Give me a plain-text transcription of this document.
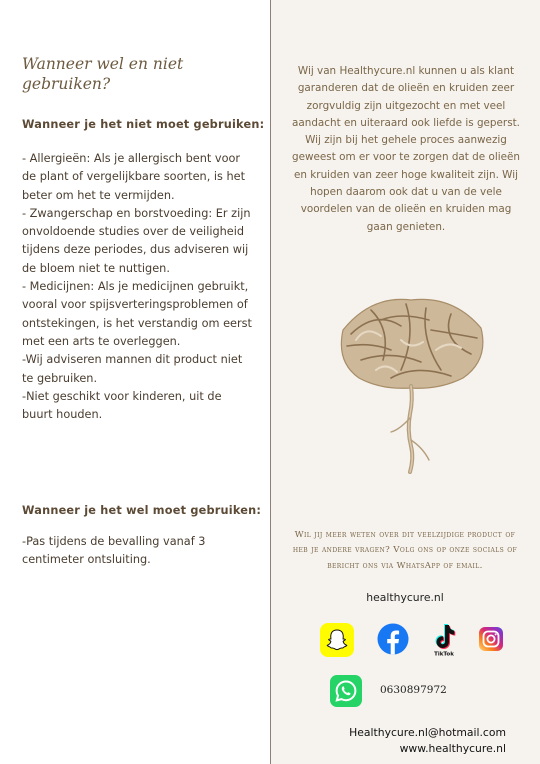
Wanneer wel en niet gebruiken?
Wanneer je het niet moet gebruiken:
- Allergieën: Als je allergisch bent voor de plant of vergelijkbare soorten, is het beter om het te vermijden.
- Zwangerschap en borstvoeding: Er zijn onvoldoende studies over de veiligheid tijdens deze periodes, dus adviseren wij de bloem niet te nuttigen.
- Medicijnen: Als je medicijnen gebruikt, vooral voor spijsverteringsproblemen of ontstekingen, is het verstandig om eerst met een arts te overleggen.
-Wij adviseren mannen dit product niet te gebruiken.
-Niet geschikt voor kinderen, uit de buurt houden.
Wanneer je het wel moet gebruiken:
-Pas tijdens de bevalling vanaf 3 centimeter ontsluiting.
Wij van Healthycure.nl kunnen u als klant garanderen dat de olieën en kruiden zeer zorgvuldig zijn uitgezocht en met veel aandacht en uiteraard ook liefde is geperst. Wij zijn bij het gehele proces aanwezig geweest om er voor te zorgen dat de olieën en kruiden van zeer hoge kwaliteit zijn. Wij hopen daarom ook dat u van de vele voordelen van de olieën en kruiden mag gaan genieten.
Wil jij meer weten over dit veelzijdige product of heb je andere vragen? Volg ons op onze socials of bericht ons via WhatsApp of email.
healthycure.nl
TikTok
0630897972
Healthycure.nl@hotmail.com
www.healthycure.nl
